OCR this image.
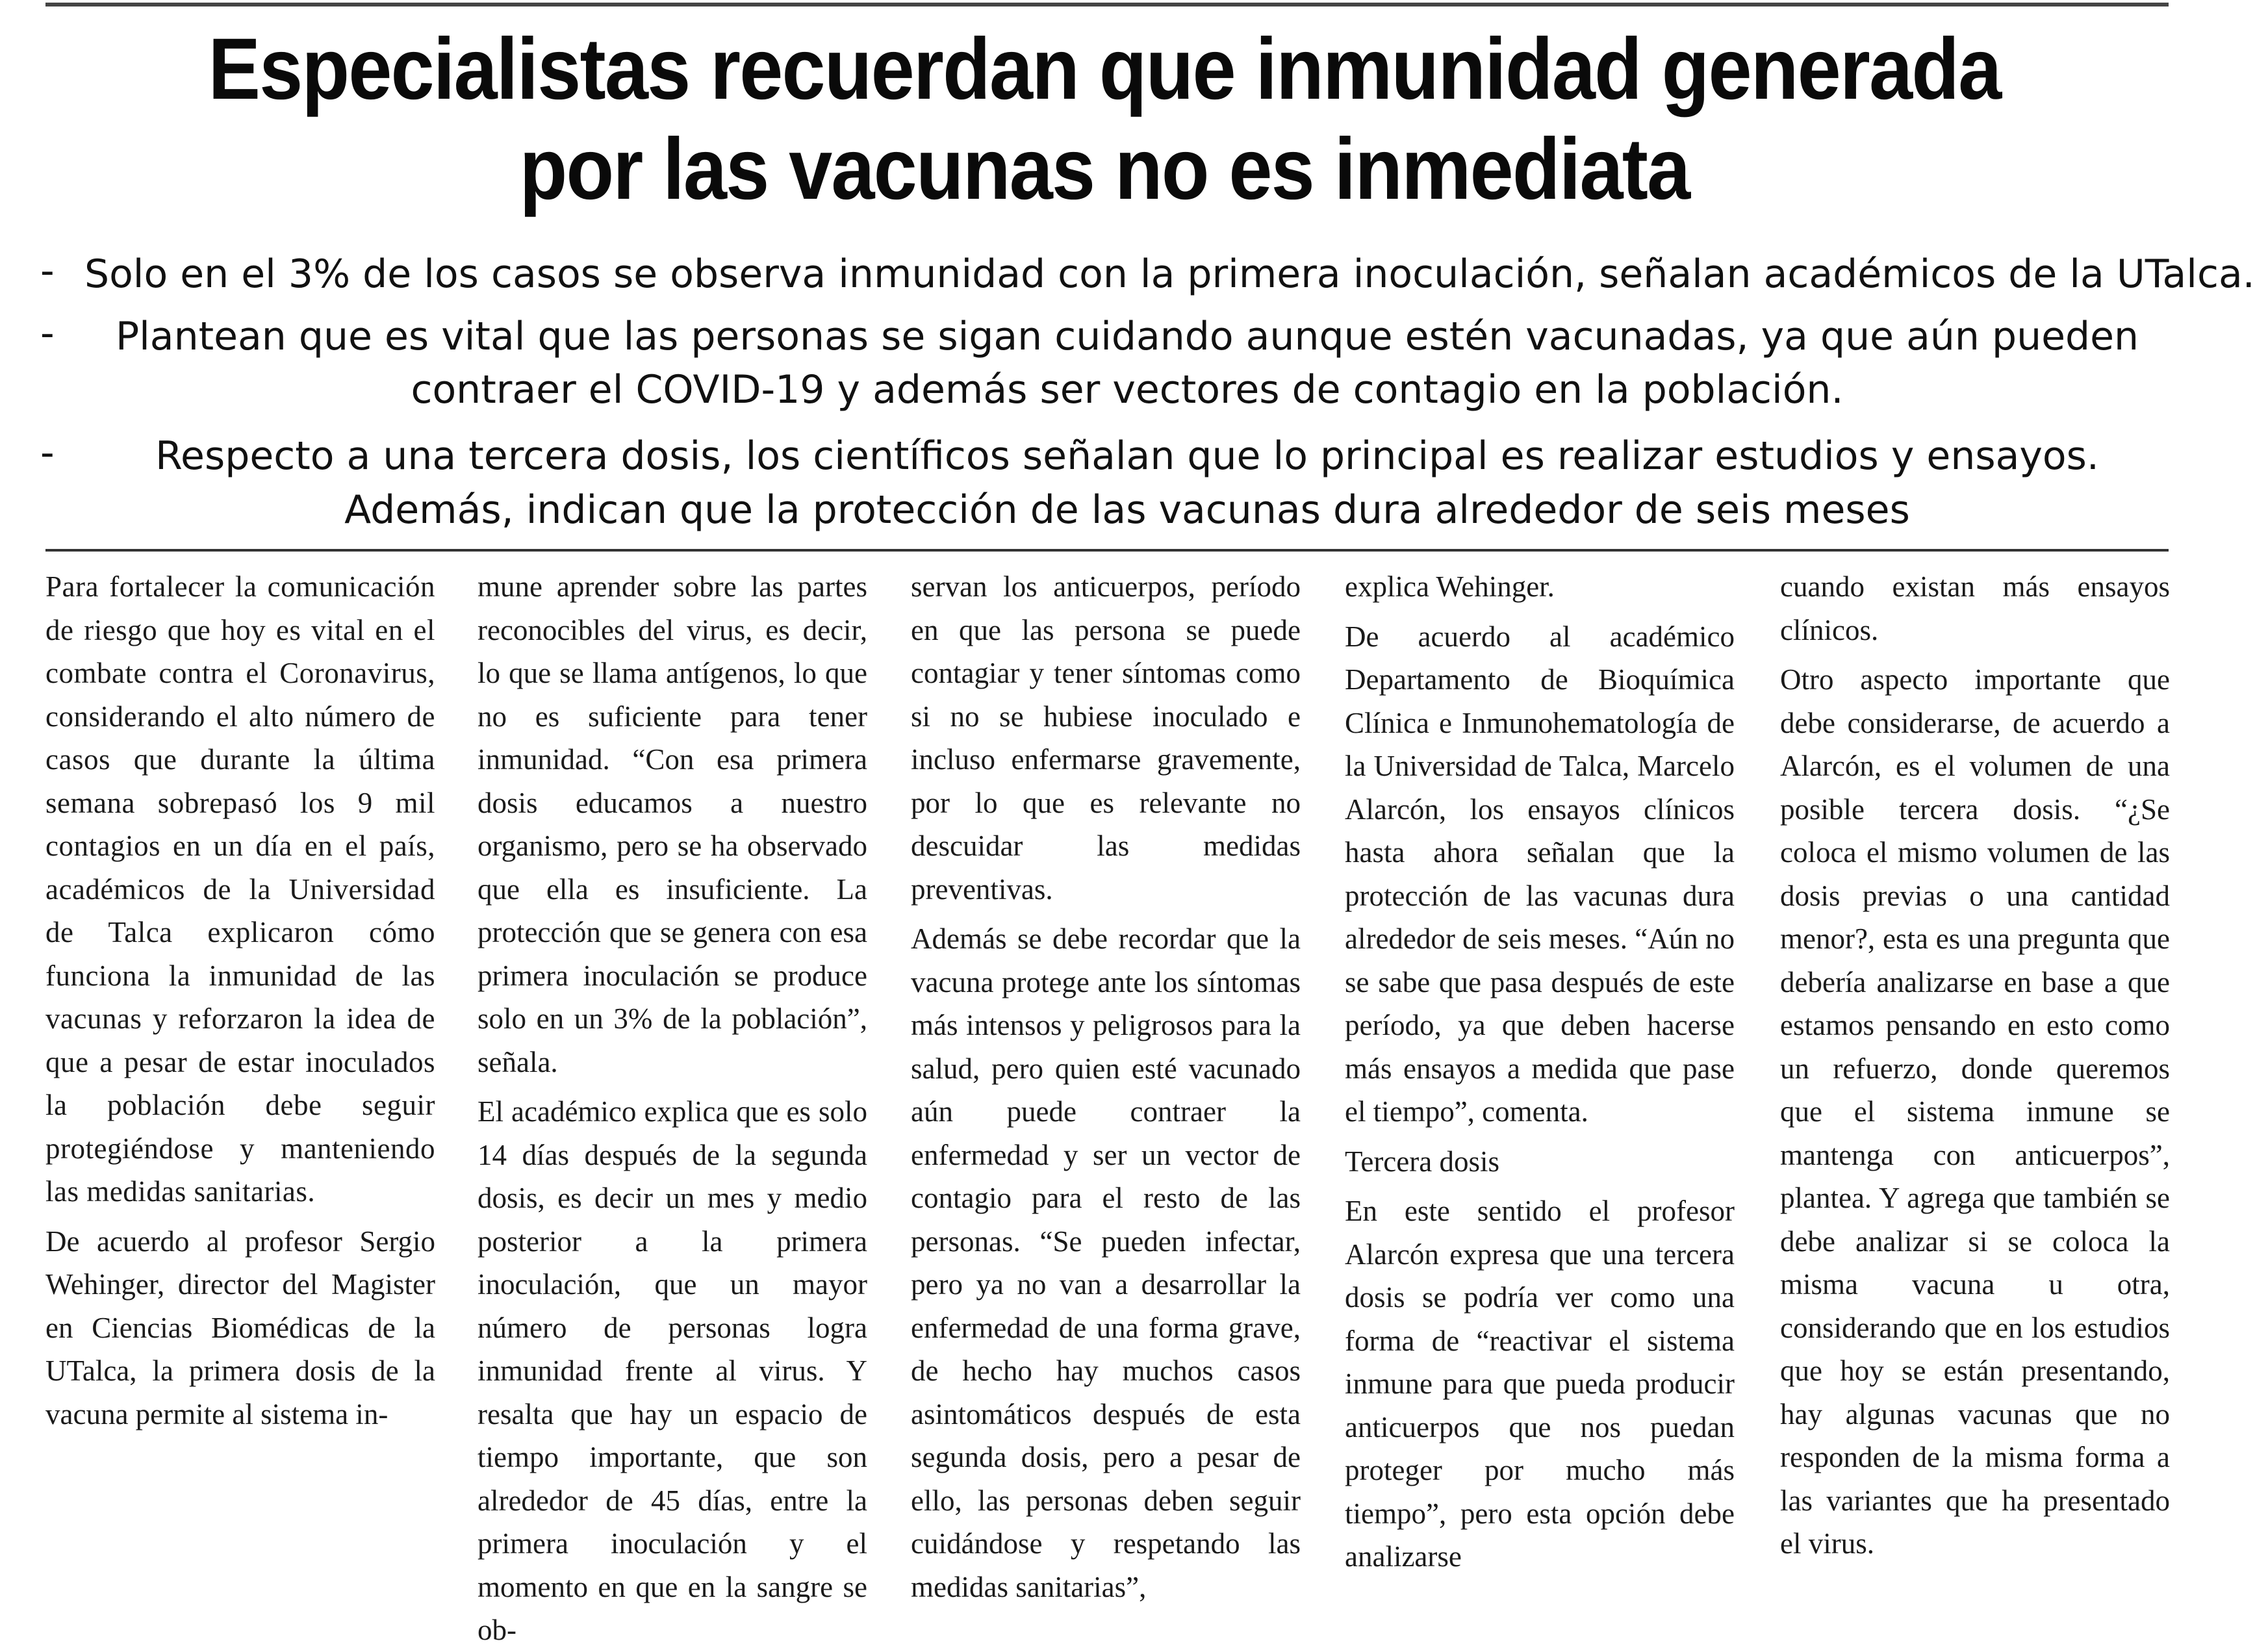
Especialistas recuerdan que inmunidad generada por las vacunas no es inmediata
- Solo en el 3% de los casos se observa inmunidad con la primera inoculación, señalan académicos de la UTalca.
-	Plantean que es vital que las personas se sigan cuidando aunque estén vacunadas, ya que aún pueden
contraer el COVID-19 y además ser vectores de contagio en la población.
-	Respecto a una tercera dosis, los científicos señalan que lo principal es realizar estudios y ensayos.
Además, indican que la protección de las vacunas dura alrededor de seis meses

Para fortalecer la comunicación de riesgo que hoy es vital en el combate contra el Coronavirus, considerando el alto número de casos que durante la última semana sobrepasó los 9 mil contagios en un día en el país, académicos de la Universidad de Talca explicaron cómo funciona la inmunidad de las vacunas y reforzaron la idea de que a pesar de estar inoculados la población debe seguir protegiéndose y manteniendo las medidas sanitarias.

De acuerdo al profesor Sergio Wehinger, director del Magister en Ciencias Biomédicas de la UTalca, la primera dosis de la vacuna permite al sistema in-

mune aprender sobre las partes reconocibles del virus, es decir, lo que se llama antígenos, lo que no es suficiente para tener inmunidad. “Con esa primera dosis educamos a nuestro organismo, pero se ha observado que ella es insuficiente. La protección que se genera con esa primera inoculación se produce solo en un 3% de la población”, señala.

El académico explica que es solo 14 días después de la segunda dosis, es decir un mes y medio posterior a la primera inoculación, que un mayor número de personas logra inmunidad frente al virus. Y resalta que hay un espacio de tiempo importante, que son alrededor de 45 días, entre la primera inoculación y el momento en que en la sangre se ob-

servan los anticuerpos, período en que las persona se puede contagiar y tener síntomas como si no se hubiese inoculado e incluso enfermarse gravemente, por lo que es relevante no descuidar las medidas preventivas.

Además se debe recordar que la vacuna protege ante los síntomas más intensos y peligrosos para la salud, pero quien esté vacunado aún puede contraer la enfermedad y ser un vector de contagio para el resto de las personas. “Se pueden infectar, pero ya no van a desarrollar la enfermedad de una forma grave, de hecho hay muchos casos asintomáticos después de esta segunda dosis, pero a pesar de ello, las personas deben seguir cuidándose y respetando las medidas sanitarias”,

explica Wehinger.

De acuerdo al académico Departamento de Bioquímica Clínica e Inmunohematología de la Universidad de Talca, Marcelo Alarcón, los ensayos clínicos hasta ahora señalan que la protección de las vacunas dura alrededor de seis meses. “Aún no se sabe que pasa después de este período, ya que deben hacerse más ensayos a medida que pase el tiempo”, comenta.

Tercera dosis

En este sentido el profesor Alarcón expresa que una tercera dosis se podría ver como una forma de “reactivar el sistema inmune para que pueda producir anticuerpos que nos puedan proteger por mucho más tiempo”, pero esta opción debe analizarse

cuando existan más ensayos clínicos.

Otro aspecto importante que debe considerarse, de acuerdo a Alarcón, es el volumen de una posible tercera dosis. “¿Se coloca el mismo volumen de las dosis previas o una cantidad menor?, esta es una pregunta que debería analizarse en base a que estamos pensando en esto como un refuerzo, donde queremos que el sistema inmune se mantenga con anticuerpos”, plantea. Y agrega que también se debe analizar si se coloca la misma vacuna u otra, considerando que en los estudios que hoy se están presentando, hay algunas vacunas que no responden de la misma forma a las variantes que ha presentado el virus.
